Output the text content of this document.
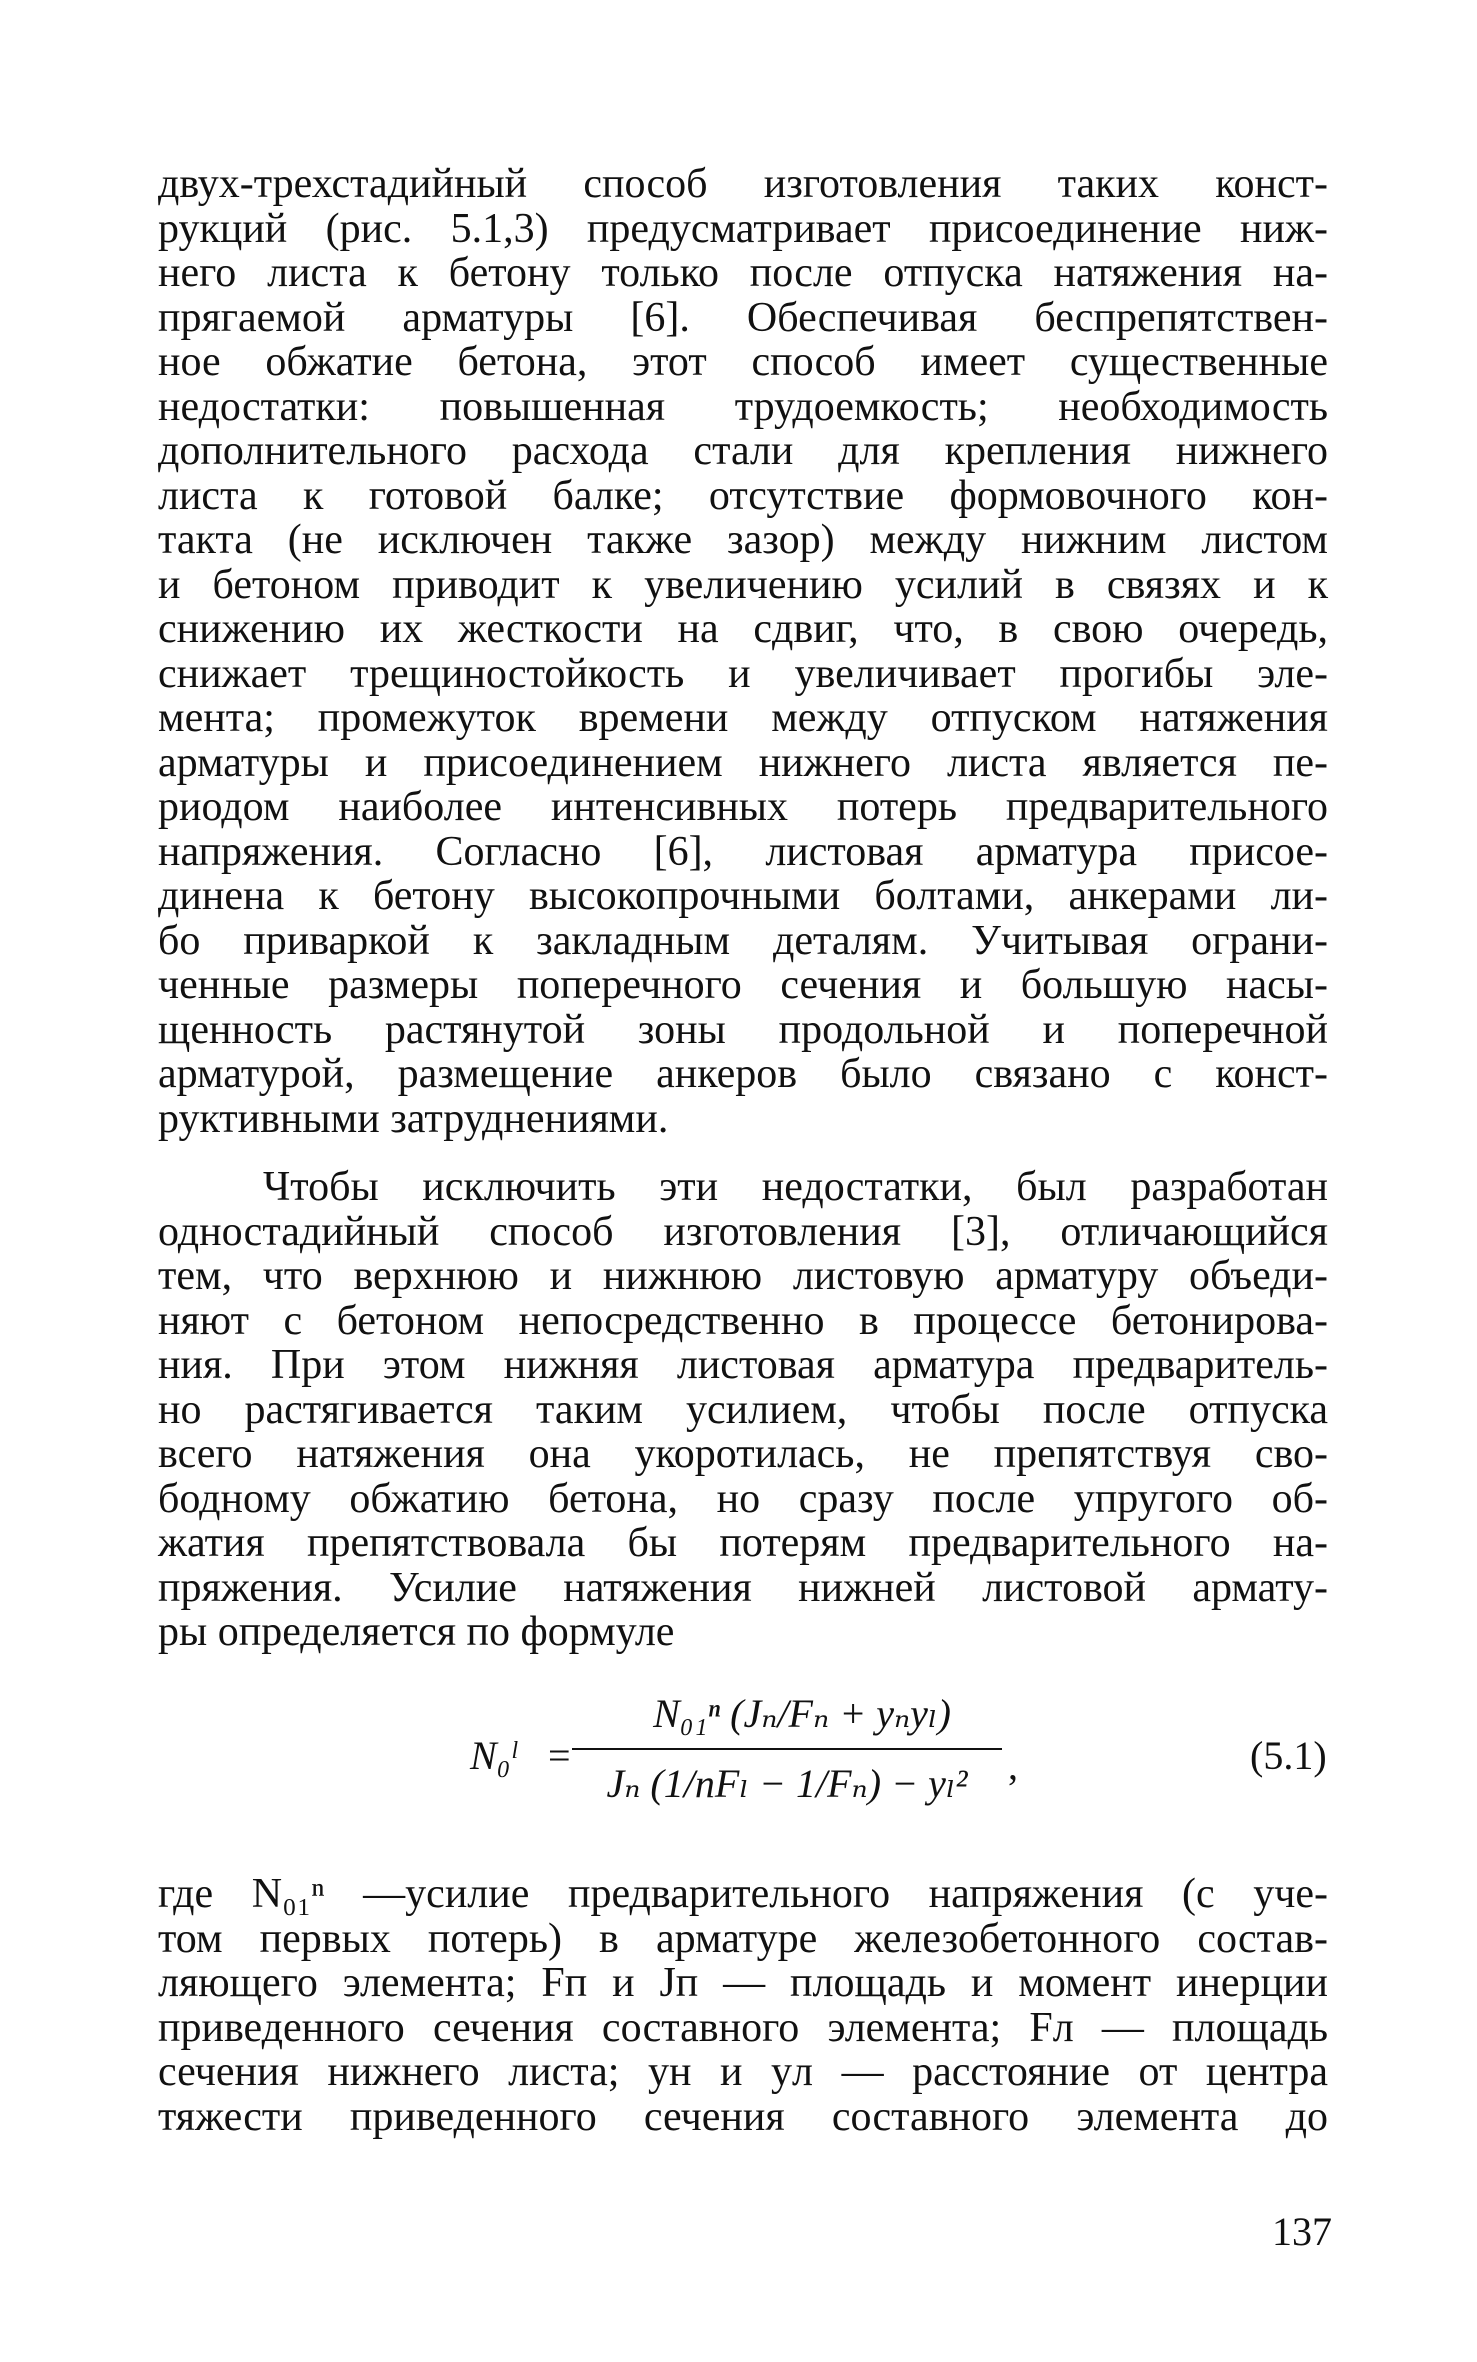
двух-трехстадийный способ изготовления таких конст-
рукций (рис. 5.1,3) предусматривает присоединение ниж-
него листа к бетону только после отпуска натяжения на-
прягаемой арматуры [6]. Обеспечивая беспрепятствен-
ное обжатие бетона, этот способ имеет существенные
недостатки: повышенная трудоемкость; необходимость
дополнительного расхода стали для крепления нижнего
листа к готовой балке; отсутствие формовочного кон-
такта (не исключен также зазор) между нижним листом
и бетоном приводит к увеличению усилий в связях и к
снижению их жесткости на сдвиг, что, в свою очередь,
снижает трещиностойкость и увеличивает прогибы эле-
мента; промежуток времени между отпуском натяжения
арматуры и присоединением нижнего листа является пе-
риодом наиболее интенсивных потерь предварительного
напряжения. Согласно [6], листовая арматура присое-
динена к бетону высокопрочными болтами, анкерами ли-
бо приваркой к закладным деталям. Учитывая ограни-
ченные размеры поперечного сечения и большую насы-
щенность растянутой зоны продольной и поперечной
арматурой, размещение анкеров было связано с конст-
руктивными затруднениями.
Чтобы исключить эти недостатки, был разработан
одностадийный способ изготовления [3], отличающийся
тем, что верхнюю и нижнюю листовую арматуру объеди-
няют с бетоном непосредственно в процессе бетонирова-
ния. При этом нижняя листовая арматура предваритель-
но растягивается таким усилием, чтобы после отпуска
всего натяжения она укоротилась, не препятствуя сво-
бодному обжатию бетона, но сразу после упругого об-
жатия препятствовала бы потерям предварительного на-
пряжения. Усилие натяжения нижней листовой армату-
ры определяется по формуле
N₀ˡ =
N₀₁ⁿ (Jₙ/Fₙ + yₙyₗ)
Jₙ (1/nFₗ − 1/Fₙ) − yₗ²	,	(5.1)
где N₀₁ⁿ —усилие предварительного напряжения (с уче-
том первых потерь) в арматуре железобетонного состав-
ляющего элемента; Fп и Jп — площадь и момент инерции
приведенного сечения составного элемента; Fл — площадь
сечения нижнего листа; yн и yл — расстояние от центра
тяжести приведенного сечения составного элемента до
137
